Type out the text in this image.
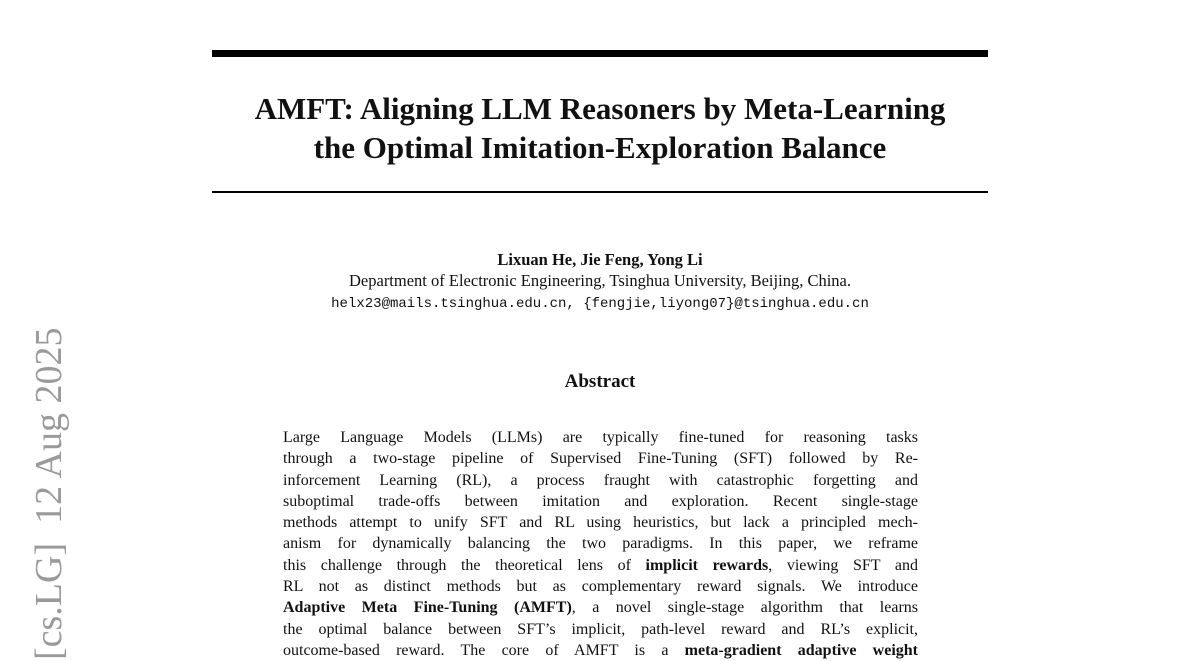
AMFT: Aligning LLM Reasoners by Meta-Learning
the Optimal Imitation-Exploration Balance
Lixuan He, Jie Feng, Yong Li
Department of Electronic Engineering, Tsinghua University, Beijing, China.
helx23@mails.tsinghua.edu.cn, {fengjie,liyong07}@tsinghua.edu.cn
Abstract
Large Language Models (LLMs) are typically fine-tuned for reasoning tasks
through a two-stage pipeline of Supervised Fine-Tuning (SFT) followed by Re-
inforcement Learning (RL), a process fraught with catastrophic forgetting and
suboptimal trade-offs between imitation and exploration. Recent single-stage
methods attempt to unify SFT and RL using heuristics, but lack a principled mech-
anism for dynamically balancing the two paradigms. In this paper, we reframe
this challenge through the theoretical lens of implicit rewards, viewing SFT and
RL not as distinct methods but as complementary reward signals. We introduce
Adaptive Meta Fine-Tuning (AMFT), a novel single-stage algorithm that learns
the optimal balance between SFT’s implicit, path-level reward and RL’s explicit,
outcome-based reward. The core of AMFT is a meta-gradient adaptive weight
[cs.LG]  12 Aug 2025
